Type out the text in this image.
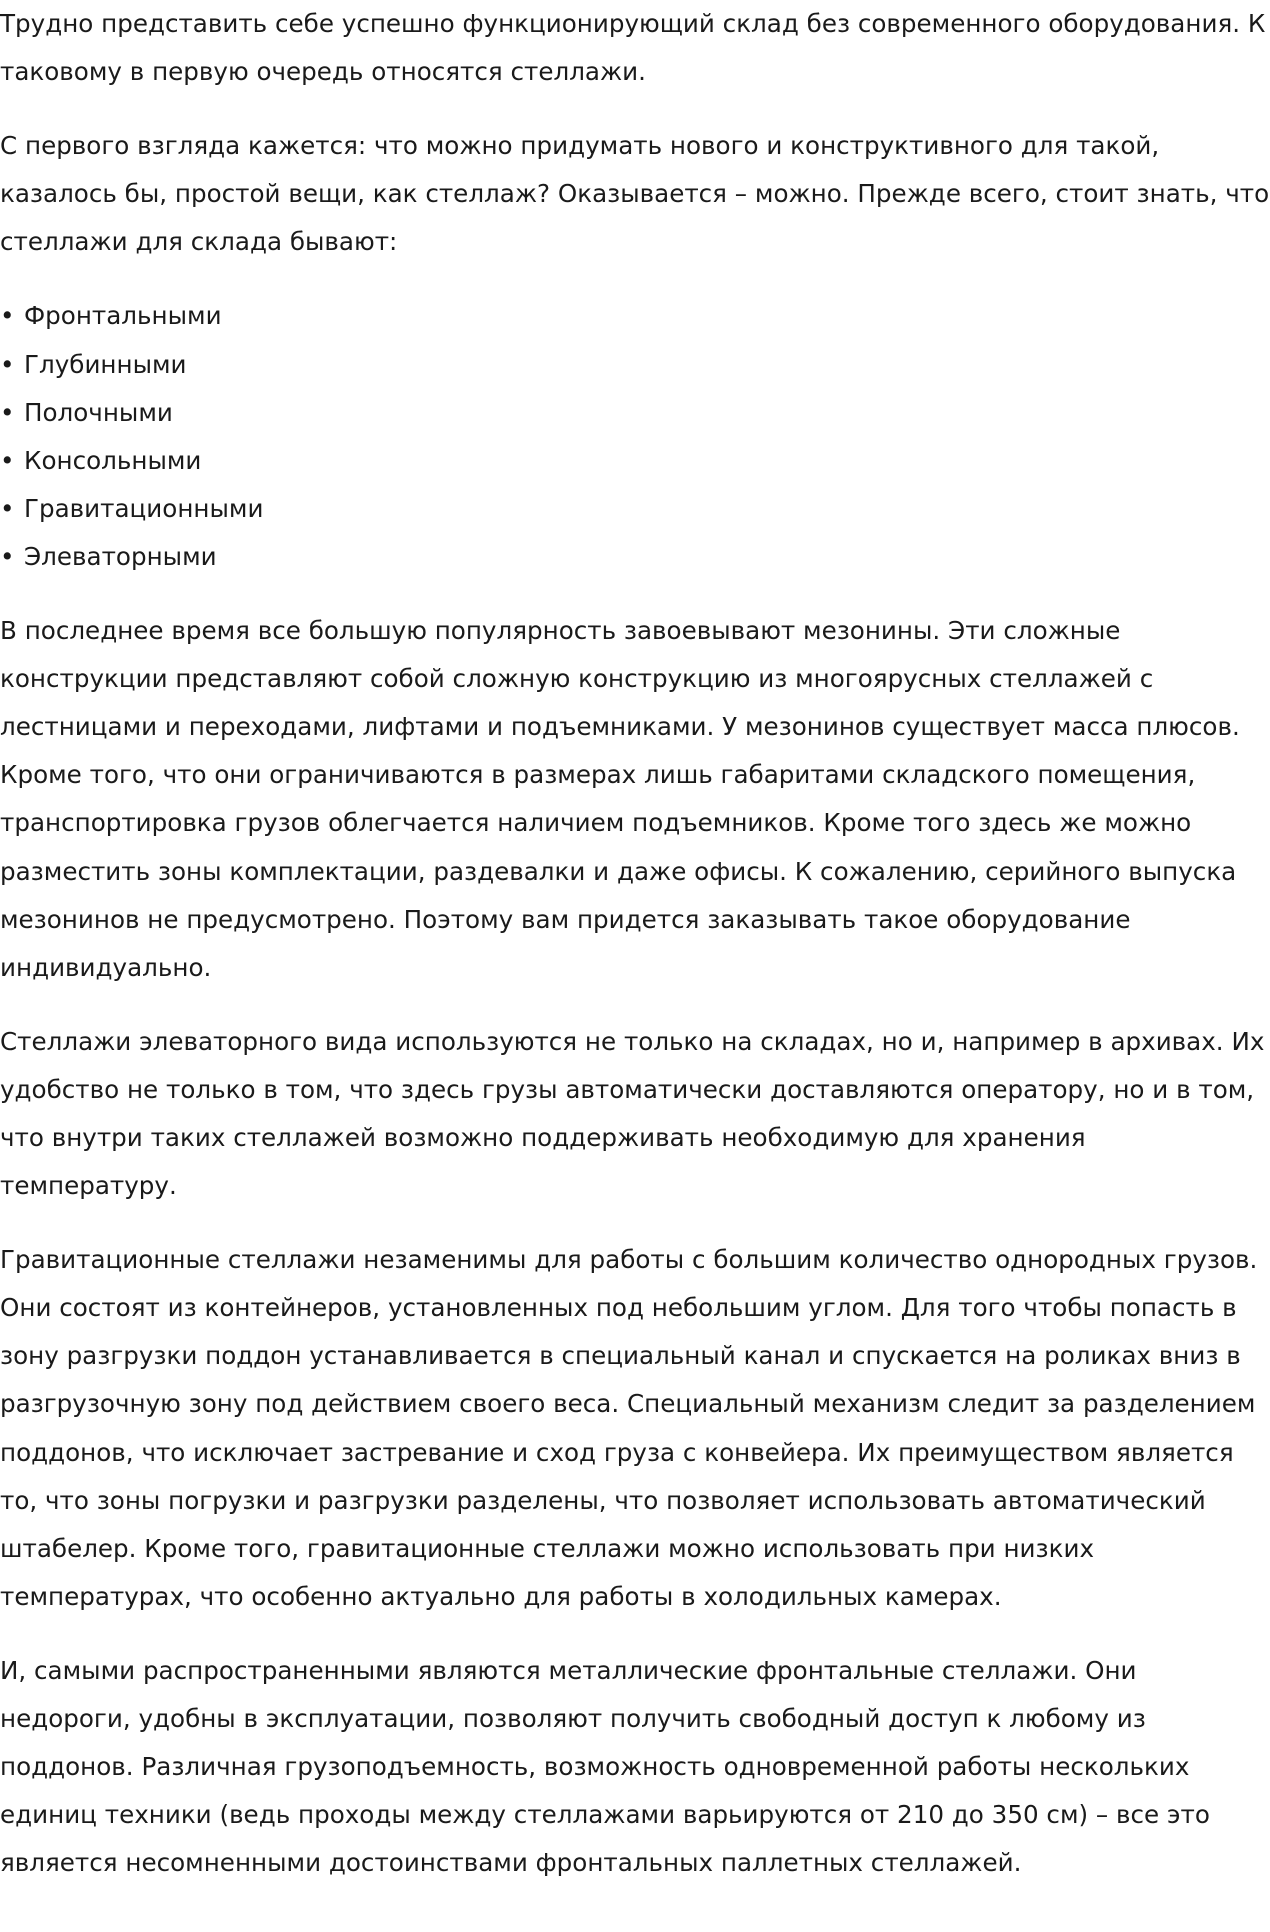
Трудно представить себе успешно функционирующий склад без современного оборудования. К таковому в первую очередь относятся стеллажи.

С первого взгляда кажется: что можно придумать нового и конструктивного для такой, казалось бы, простой вещи, как стеллаж? Оказывается – можно. Прежде всего, стоит знать, что стеллажи для склада бывают:

• Фронтальными
• Глубинными
• Полочными
• Консольными
• Гравитационными
• Элеваторными

В последнее время все большую популярность завоевывают мезонины. Эти сложные конструкции представляют собой сложную конструкцию из многоярусных стеллажей с лестницами и переходами, лифтами и подъемниками. У мезонинов существует масса плюсов. Кроме того, что они ограничиваются в размерах лишь габаритами складского помещения, транспортировка грузов облегчается наличием подъемников. Кроме того здесь же можно разместить зоны комплектации, раздевалки и даже офисы. К сожалению, серийного выпуска мезонинов не предусмотрено. Поэтому вам придется заказывать такое оборудование индивидуально.

Стеллажи элеваторного вида используются не только на складах, но и, например в архивах. Их удобство не только в том, что здесь грузы автоматически доставляются оператору, но и в том, что внутри таких стеллажей возможно поддерживать необходимую для хранения температуру.

Гравитационные стеллажи незаменимы для работы с большим количество однородных грузов. Они состоят из контейнеров, установленных под небольшим углом. Для того чтобы попасть в зону разгрузки поддон устанавливается в специальный канал и спускается на роликах вниз в разгрузочную зону под действием своего веса. Специальный механизм следит за разделением поддонов, что исключает застревание и сход груза с конвейера. Их преимуществом является то, что зоны погрузки и разгрузки разделены, что позволяет использовать автоматический штабелер. Кроме того, гравитационные стеллажи можно использовать при низких температурах, что особенно актуально для работы в холодильных камерах.

И, самыми распространенными являются металлические фронтальные стеллажи. Они недороги, удобны в эксплуатации, позволяют получить свободный доступ к любому из поддонов. Различная грузоподъемность, возможность одновременной работы нескольких единиц техники (ведь проходы между стеллажами варьируются от 210 до 350 см) – все это является несомненными достоинствами фронтальных паллетных стеллажей.
